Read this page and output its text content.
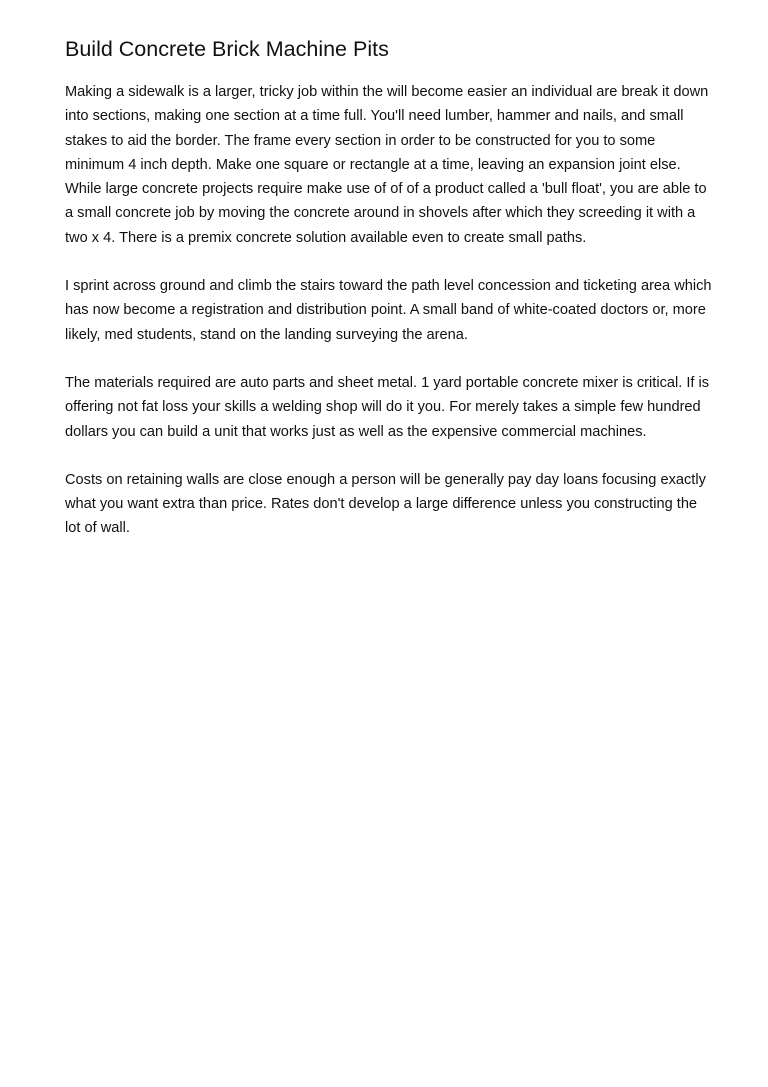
Build Concrete Brick Machine Pits

Making a sidewalk is a larger, tricky job within the will become easier an individual are break it down into sections, making one section at a time full. You'll need lumber, hammer and nails, and small stakes to aid the border. The frame every section in order to be constructed for you to some minimum 4 inch depth. Make one square or rectangle at a time, leaving an expansion joint else. While large concrete projects require make use of of of a product called a 'bull float', you are able to a small concrete job by moving the concrete around in shovels after which they screeding it with a two x 4. There is a premix concrete solution available even to create small paths.

I sprint across ground and climb the stairs toward the path level concession and ticketing area which has now become a registration and distribution point. A small band of white-coated doctors or, more likely, med students, stand on the landing surveying the arena.

The materials required are auto parts and sheet metal. 1 yard portable concrete mixer is critical. If is offering not fat loss your skills a welding shop will do it you. For merely takes a simple few hundred dollars you can build a unit that works just as well as the expensive commercial machines.

Costs on retaining walls are close enough a person will be generally pay day loans focusing exactly what you want extra than price. Rates don't develop a large difference unless you constructing the lot of wall.
